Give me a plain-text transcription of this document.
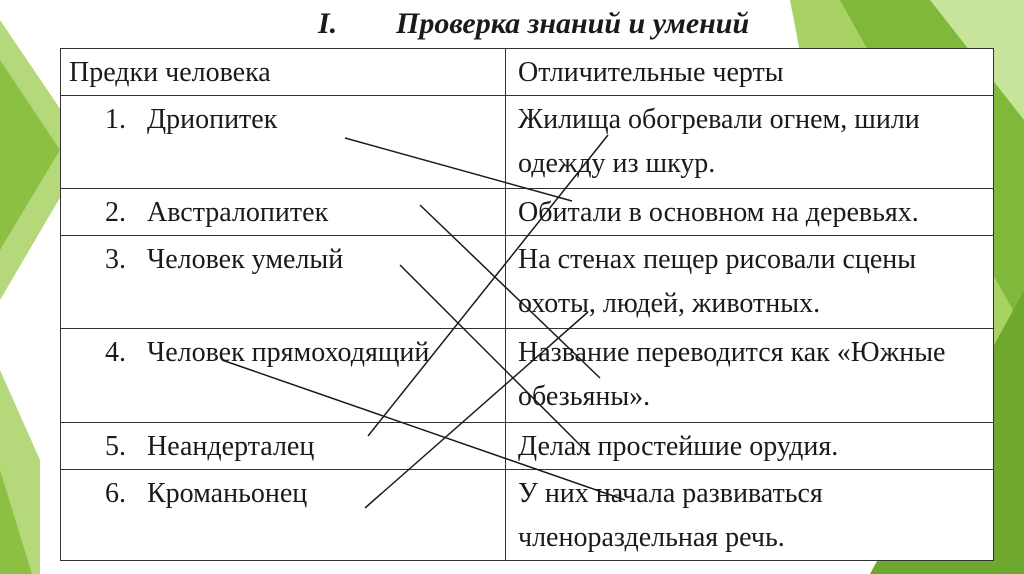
I. Проверка знаний и умений
Предки человека	Отличительные черты

1. Дриопитек	Жилища обогревали огнем, шили одежду из шкур.

2. Австралопитек	Обитали в основном на деревьях.

3. Человек умелый	На стенах пещер рисовали сцены охоты, людей, животных.

4. Человек прямоходящий	Название переводится как «Южные обезьяны».

5. Неандерталец	Делал простейшие орудия.

6. Кроманьонец	У них начала развиваться членораздельная речь.
